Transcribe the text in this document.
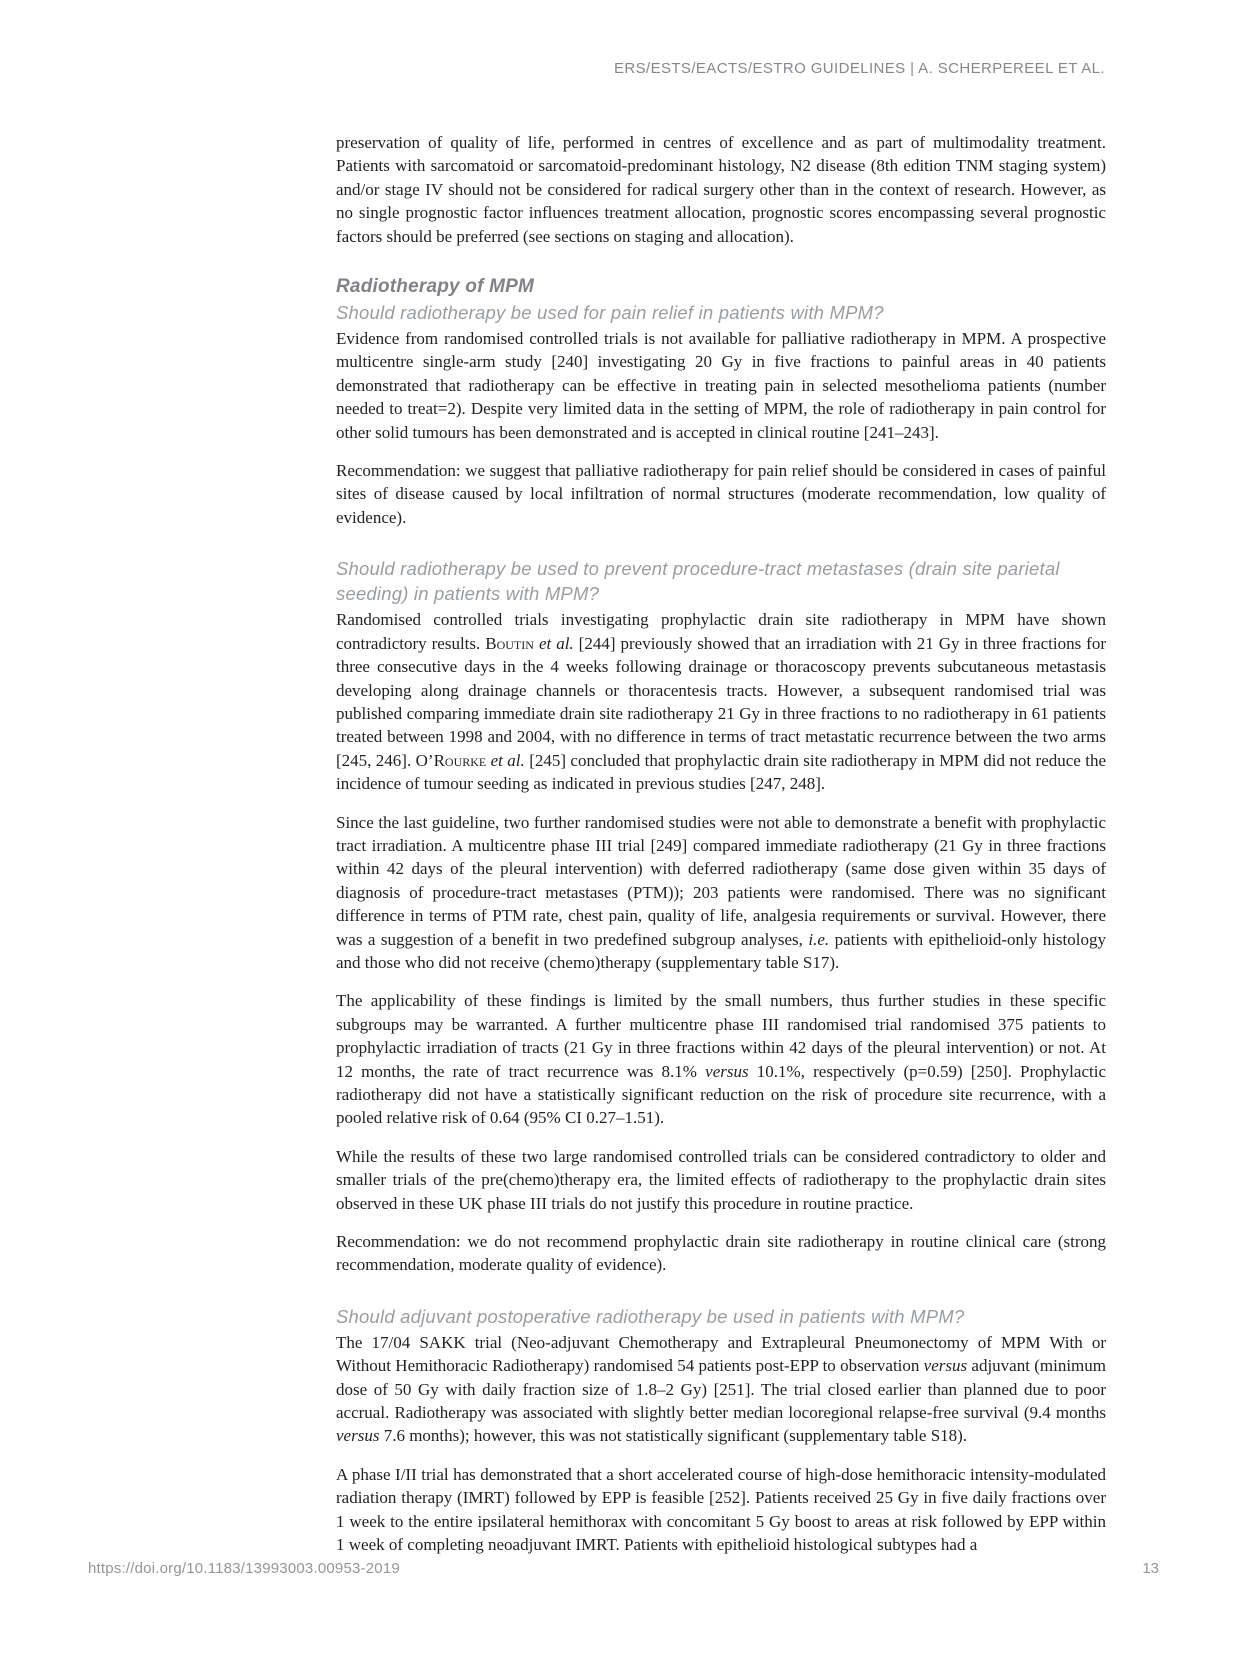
ERS/ESTS/EACTS/ESTRO GUIDELINES | A. SCHERPEREEL ET AL.
preservation of quality of life, performed in centres of excellence and as part of multimodality treatment. Patients with sarcomatoid or sarcomatoid-predominant histology, N2 disease (8th edition TNM staging system) and/or stage IV should not be considered for radical surgery other than in the context of research. However, as no single prognostic factor influences treatment allocation, prognostic scores encompassing several prognostic factors should be preferred (see sections on staging and allocation).
Radiotherapy of MPM
Should radiotherapy be used for pain relief in patients with MPM?
Evidence from randomised controlled trials is not available for palliative radiotherapy in MPM. A prospective multicentre single-arm study [240] investigating 20 Gy in five fractions to painful areas in 40 patients demonstrated that radiotherapy can be effective in treating pain in selected mesothelioma patients (number needed to treat=2). Despite very limited data in the setting of MPM, the role of radiotherapy in pain control for other solid tumours has been demonstrated and is accepted in clinical routine [241–243].
Recommendation: we suggest that palliative radiotherapy for pain relief should be considered in cases of painful sites of disease caused by local infiltration of normal structures (moderate recommendation, low quality of evidence).
Should radiotherapy be used to prevent procedure-tract metastases (drain site parietal seeding) in patients with MPM?
Randomised controlled trials investigating prophylactic drain site radiotherapy in MPM have shown contradictory results. Boutin et al. [244] previously showed that an irradiation with 21 Gy in three fractions for three consecutive days in the 4 weeks following drainage or thoracoscopy prevents subcutaneous metastasis developing along drainage channels or thoracentesis tracts. However, a subsequent randomised trial was published comparing immediate drain site radiotherapy 21 Gy in three fractions to no radiotherapy in 61 patients treated between 1998 and 2004, with no difference in terms of tract metastatic recurrence between the two arms [245, 246]. O’Rourke et al. [245] concluded that prophylactic drain site radiotherapy in MPM did not reduce the incidence of tumour seeding as indicated in previous studies [247, 248].
Since the last guideline, two further randomised studies were not able to demonstrate a benefit with prophylactic tract irradiation. A multicentre phase III trial [249] compared immediate radiotherapy (21 Gy in three fractions within 42 days of the pleural intervention) with deferred radiotherapy (same dose given within 35 days of diagnosis of procedure-tract metastases (PTM)); 203 patients were randomised. There was no significant difference in terms of PTM rate, chest pain, quality of life, analgesia requirements or survival. However, there was a suggestion of a benefit in two predefined subgroup analyses, i.e. patients with epithelioid-only histology and those who did not receive (chemo)therapy (supplementary table S17).
The applicability of these findings is limited by the small numbers, thus further studies in these specific subgroups may be warranted. A further multicentre phase III randomised trial randomised 375 patients to prophylactic irradiation of tracts (21 Gy in three fractions within 42 days of the pleural intervention) or not. At 12 months, the rate of tract recurrence was 8.1% versus 10.1%, respectively (p=0.59) [250]. Prophylactic radiotherapy did not have a statistically significant reduction on the risk of procedure site recurrence, with a pooled relative risk of 0.64 (95% CI 0.27–1.51).
While the results of these two large randomised controlled trials can be considered contradictory to older and smaller trials of the pre(chemo)therapy era, the limited effects of radiotherapy to the prophylactic drain sites observed in these UK phase III trials do not justify this procedure in routine practice.
Recommendation: we do not recommend prophylactic drain site radiotherapy in routine clinical care (strong recommendation, moderate quality of evidence).
Should adjuvant postoperative radiotherapy be used in patients with MPM?
The 17/04 SAKK trial (Neo-adjuvant Chemotherapy and Extrapleural Pneumonectomy of MPM With or Without Hemithoracic Radiotherapy) randomised 54 patients post-EPP to observation versus adjuvant (minimum dose of 50 Gy with daily fraction size of 1.8–2 Gy) [251]. The trial closed earlier than planned due to poor accrual. Radiotherapy was associated with slightly better median locoregional relapse-free survival (9.4 months versus 7.6 months); however, this was not statistically significant (supplementary table S18).
A phase I/II trial has demonstrated that a short accelerated course of high-dose hemithoracic intensity-modulated radiation therapy (IMRT) followed by EPP is feasible [252]. Patients received 25 Gy in five daily fractions over 1 week to the entire ipsilateral hemithorax with concomitant 5 Gy boost to areas at risk followed by EPP within 1 week of completing neoadjuvant IMRT. Patients with epithelioid histological subtypes had a
https://doi.org/10.1183/13993003.00953-2019	13
